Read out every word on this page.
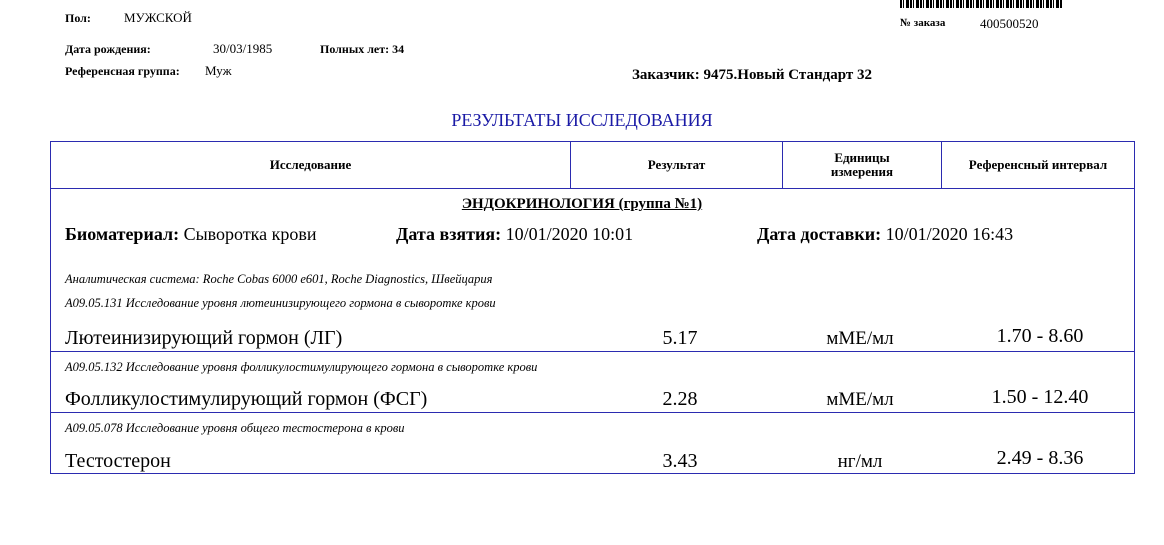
Пол:	МУЖСКОЙ
Дата рождения:	30/03/1985	Полных лет: 34
Референсная группа: Муж
№ заказа	400500520
Заказчик: 9475.Новый Стандарт 32
РЕЗУЛЬТАТЫ ИССЛЕДОВАНИЯ
Исследование	Результат	Единицы измерения	Референсный интервал
ЭНДОКРИНОЛОГИЯ (группа №1)
Биоматериал: Сыворотка крови	Дата взятия: 10/01/2020 10:01	Дата доставки: 10/01/2020 16:43
Аналитическая система: Roche Cobas 6000 e601, Roche Diagnostics, Швейцария
A09.05.131 Исследование уровня лютеинизирующего гормона в сыворотке крови
Лютеинизирующий гормон (ЛГ)	5.17	мМЕ/мл	1.70 - 8.60
A09.05.132 Исследование уровня фолликулостимулирующего гормона в сыворотке крови
Фолликулостимулирующий гормон (ФСГ)	2.28	мМЕ/мл	1.50 - 12.40
A09.05.078 Исследование уровня общего тестостерона в крови
Тестостерон	3.43	нг/мл	2.49 - 8.36
